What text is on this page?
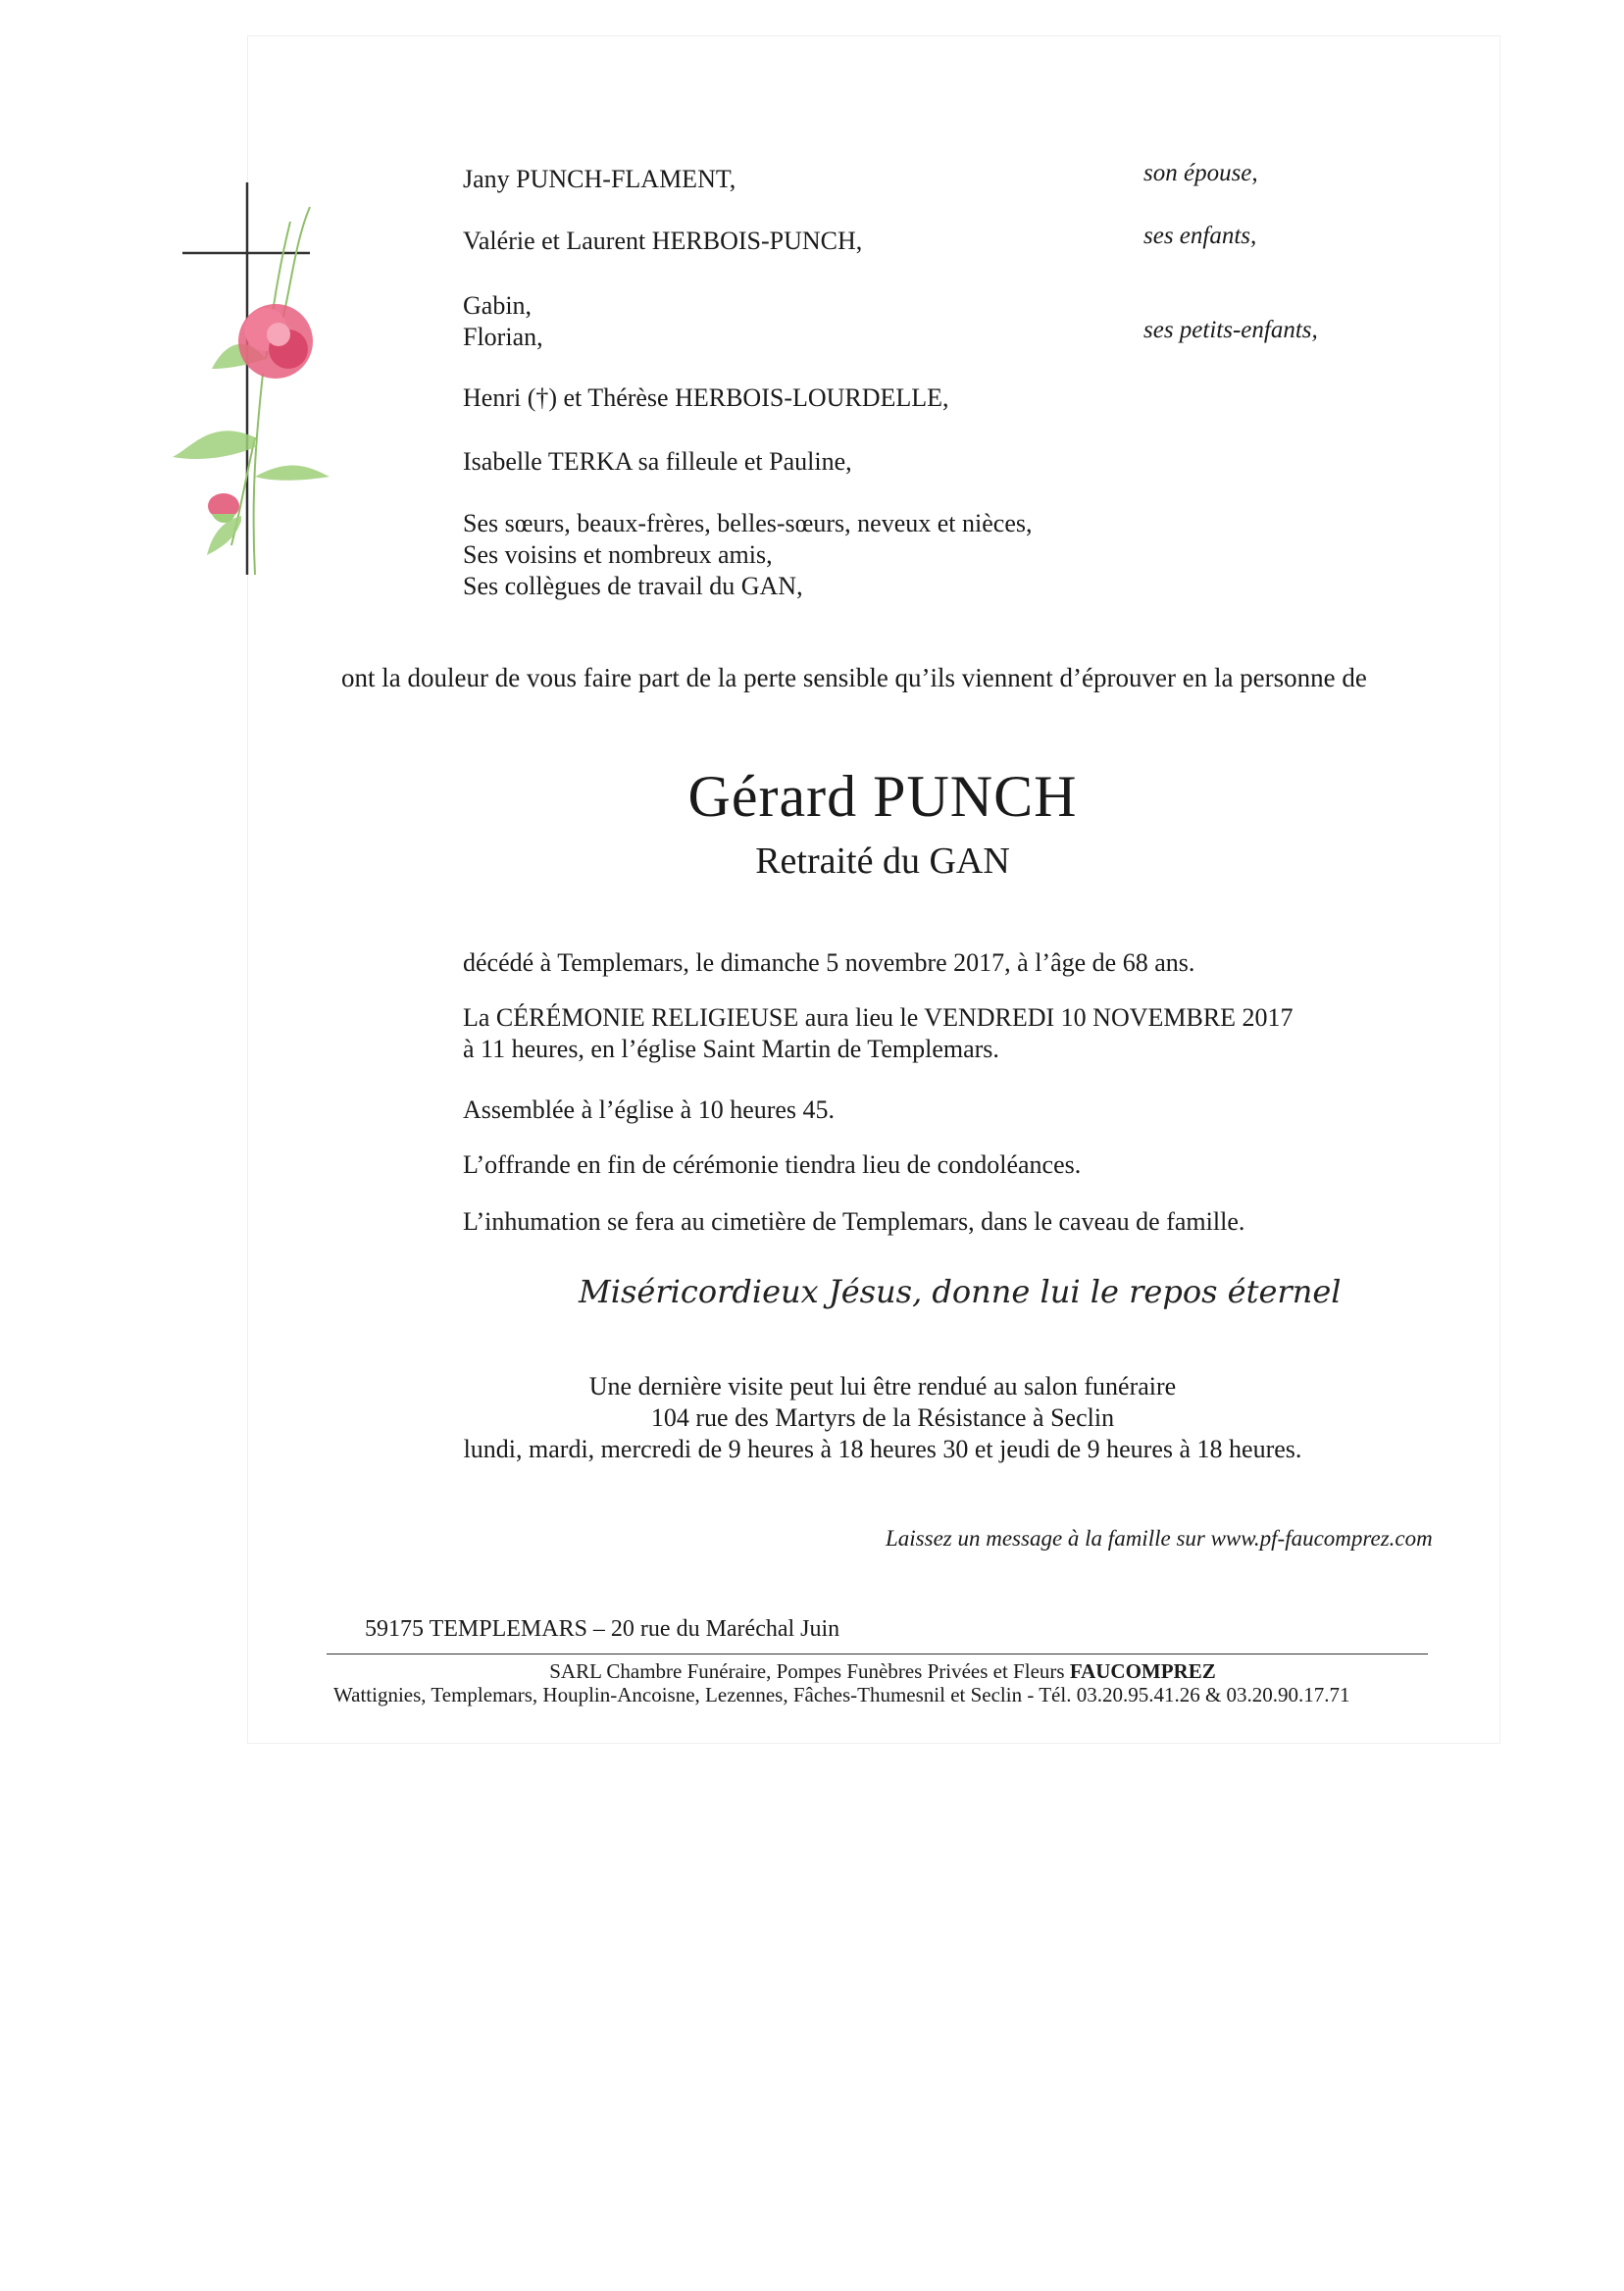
Jany PUNCH-FLAMENT,	son épouse,
Valérie et Laurent HERBOIS-PUNCH,	ses enfants,
Gabin,
Florian,	ses petits-enfants,
Henri (†) et Thérèse HERBOIS-LOURDELLE,
Isabelle TERKA sa filleule et Pauline,
Ses sœurs, beaux-frères, belles-sœurs, neveux et nièces,
Ses voisins et nombreux amis,
Ses collègues de travail du GAN,
ont la douleur de vous faire part de la perte sensible qu’ils viennent d’éprouver en la personne de
Gérard PUNCH
Retraité du GAN
décédé à Templemars, le dimanche 5 novembre 2017, à l’âge de 68 ans.
La CÉRÉMONIE RELIGIEUSE aura lieu le VENDREDI 10 NOVEMBRE 2017
à 11 heures, en l’église Saint Martin de Templemars.
Assemblée à l’église à 10 heures 45.
L’offrande en fin de cérémonie tiendra lieu de condoléances.
L’inhumation se fera au cimetière de Templemars, dans le caveau de famille.
Miséricordieux Jésus, donne lui le repos éternel
Une dernière visite peut lui être rendué au salon funéraire
104 rue des Martyrs de la Résistance à Seclin
lundi, mardi, mercredi de 9 heures à 18 heures 30 et jeudi de 9 heures à 18 heures.
Laissez un message à la famille sur www.pf-faucomprez.com
59175 TEMPLEMARS – 20 rue du Maréchal Juin
SARL Chambre Funéraire, Pompes Funèbres Privées et Fleurs FAUCOMPREZ
Wattignies, Templemars, Houplin-Ancoisne, Lezennes, Fâches-Thumesnil et Seclin - Tél. 03.20.95.41.26 & 03.20.90.17.71
